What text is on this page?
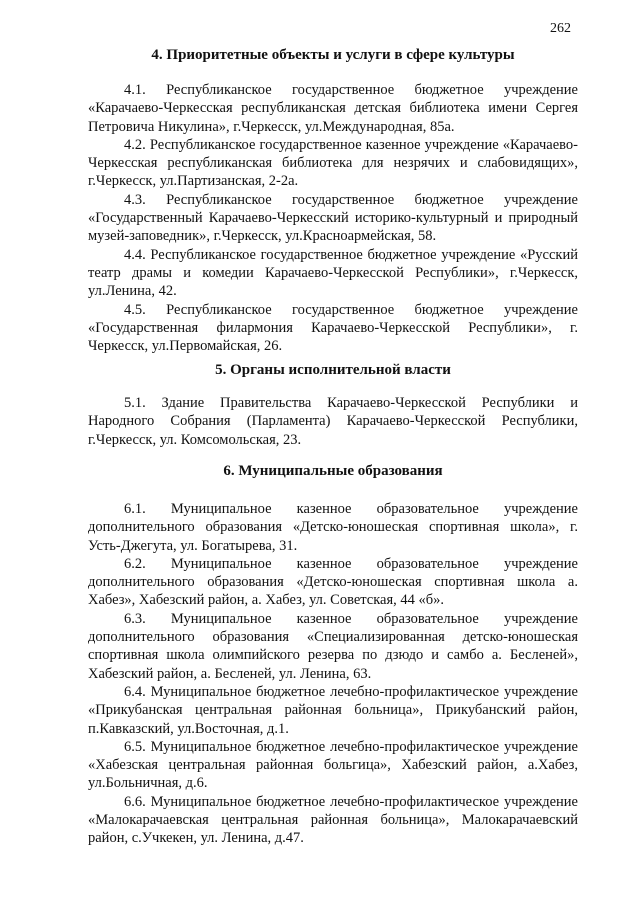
262
4. Приоритетные объекты и услуги в сфере культуры

4.1. Республиканское государственное бюджетное учреждение «Карачаево-Черкесская республиканская детская библиотека имени Сергея Петровича Никулина», г.Черкесск, ул.Международная, 85а.

4.2. Республиканское государственное казенное учреждение «Карачаево-Черкесская республиканская библиотека для незрячих и слабовидящих», г.Черкесск, ул.Партизанская, 2-2а.

4.3. Республиканское государственное бюджетное учреждение «Государственный Карачаево-Черкесский историко-культурный и природный музей-заповедник», г.Черкесск, ул.Красноармейская, 58.

4.4. Республиканское государственное бюджетное учреждение «Русский театр драмы и комедии Карачаево-Черкесской Республики», г.Черкесск, ул.Ленина, 42.

4.5. Республиканское государственное бюджетное учреждение «Государственная филармония Карачаево-Черкесской Республики», г. Черкесск, ул.Первомайская, 26.

5. Органы исполнительной власти

5.1. Здание Правительства Карачаево-Черкесской Республики и Народного Собрания (Парламента) Карачаево-Черкесской Республики, г.Черкесск, ул. Комсомольская, 23.

6. Муниципальные образования

6.1. Муниципальное казенное образовательное учреждение дополнительного образования «Детско-юношеская спортивная школа», г. Усть-Джегута, ул. Богатырева, 31.

6.2. Муниципальное казенное образовательное учреждение дополнительного образования «Детско-юношеская спортивная школа а. Хабез», Хабезский район, а. Хабез, ул. Советская, 44 «б».

6.3. Муниципальное казенное образовательное учреждение дополнительного образования «Специализированная детско-юношеская спортивная школа олимпийского резерва по дзюдо и самбо а. Бесленей», Хабезский район, а. Бесленей, ул. Ленина, 63.

6.4. Муниципальное бюджетное лечебно-профилактическое учреждение «Прикубанская центральная районная больница», Прикубанский район, п.Кавказский, ул.Восточная, д.1.

6.5. Муниципальное бюджетное лечебно-профилактическое учреждение «Хабезская центральная районная больгица», Хабезский район, а.Хабез, ул.Больничная, д.6.

6.6. Муниципальное бюджетное лечебно-профилактическое учреждение «Малокарачаевская центральная районная больница», Малокарачаевский район, с.Учкекен, ул. Ленина, д.47.
